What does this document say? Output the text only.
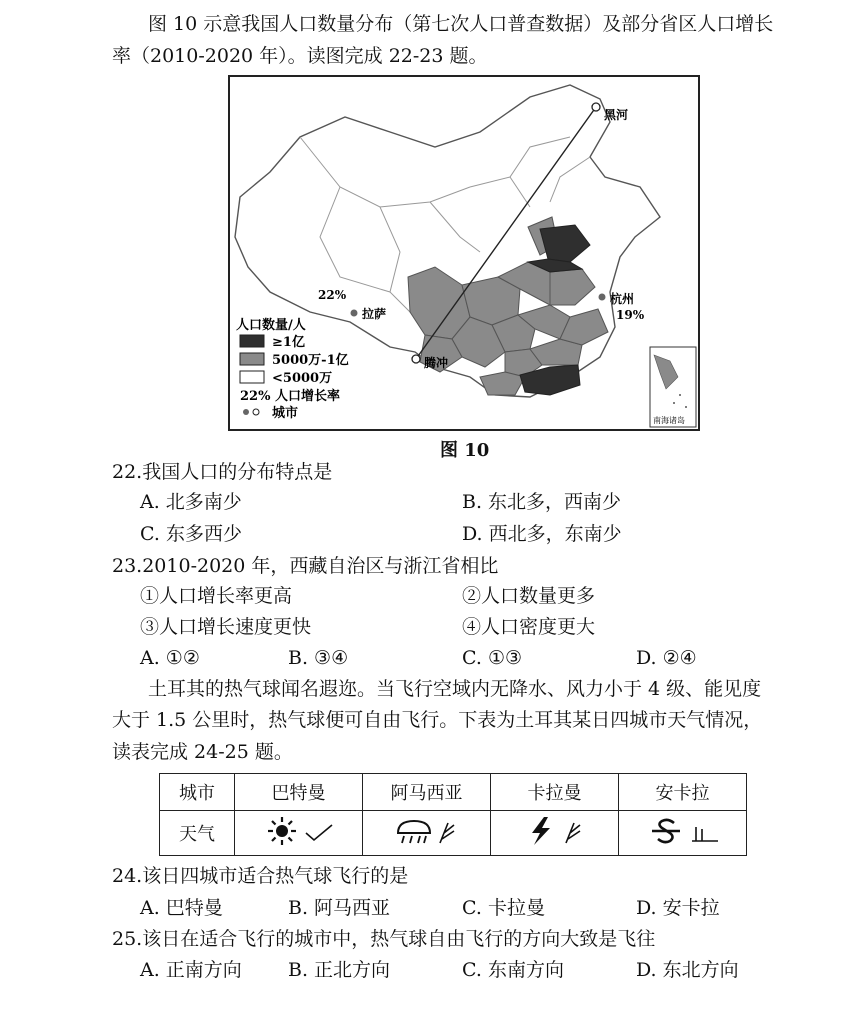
图 10 示意我国人口数量分布（第七次人口普查数据）及部分省区人口增长
率（2010-2020 年）。读图完成 22-23 题。
黑河
杭州
19%
拉萨
22%
腾冲
南海诸岛
人口数量/人
≥1亿
5000万-1亿
<5000万
22% 人口增长率
城市
图 10
22.我国人口的分布特点是
A. 北多南少	B. 东北多，西南少
C. 东多西少	D. 西北多，东南少
23.2010-2020 年，西藏自治区与浙江省相比
①人口增长率更高	②人口数量更多
③人口增长速度更快	④人口密度更大
A. ①②	B. ③④	C. ①③	D. ②④
土耳其的热气球闻名遐迩。当飞行空域内无降水、风力小于 4 级、能见度
大于 1.5 公里时，热气球便可自由飞行。下表为土耳其某日四城市天气情况，
读表完成 24-25 题。
城市	巴特曼	阿马西亚	卡拉曼	安卡拉
天气				
24.该日四城市适合热气球飞行的是
A. 巴特曼	B. 阿马西亚	C. 卡拉曼	D. 安卡拉
25.该日在适合飞行的城市中，热气球自由飞行的方向大致是飞往
A. 正南方向 B. 正北方向	C. 东南方向	D. 东北方向
